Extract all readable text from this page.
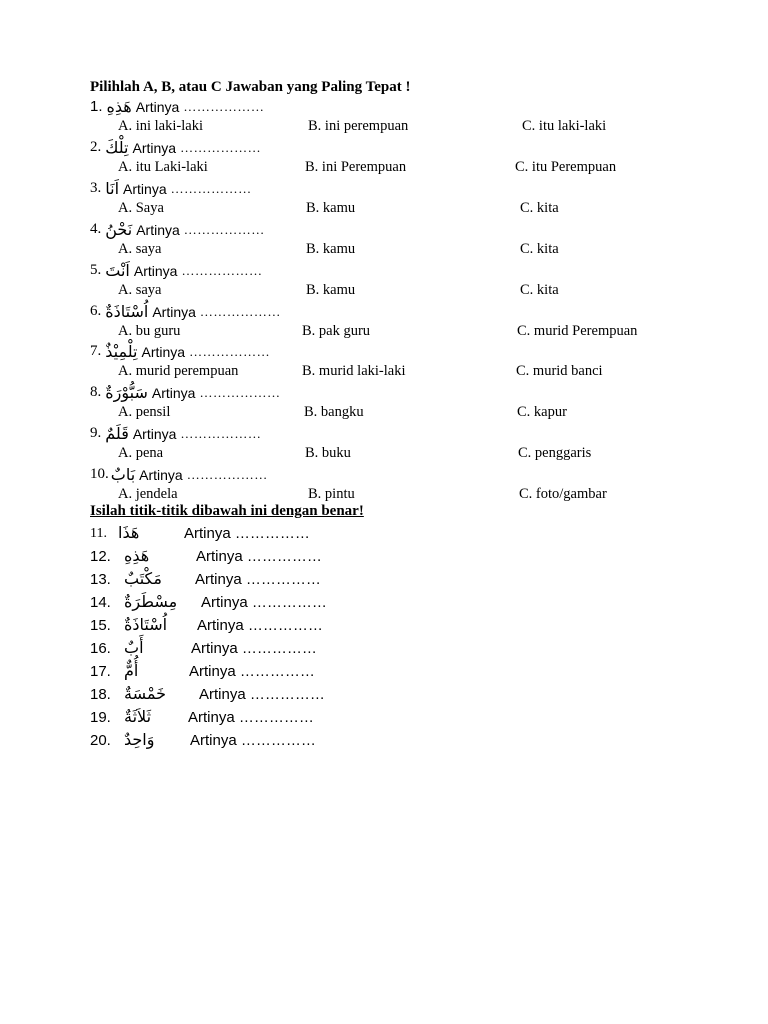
Pilihlah A, B, atau C Jawaban yang Paling Tepat !
1. هَذِهِ Artinya ………………
A. ini laki-laki	B. ini perempuan	C. itu laki-laki
2. تِلْكَ Artinya ………………
A. itu Laki-laki	B. ini Perempuan	C. itu Perempuan
3. اَنَا Artinya ………………
A. Saya	B. kamu	C. kita
4. نَحْنُ Artinya ………………
A. saya	B. kamu	C. kita
5. اَنْتَ Artinya ………………
A. saya	B. kamu	C. kita
6. اُسْتَاذَةٌ Artinya ………………
A. bu guru	B. pak guru	C. murid Perempuan
7. تِلْمِيْذٌ Artinya ………………
A. murid perempuan	B. murid laki-laki	C. murid banci
8. سَبُّوْرَةٌ Artinya ………………
A. pensil	B. bangku	C. kapur
9. قَلَمٌ Artinya ………………
A. pena	B. buku	C. penggaris
10. بَابٌ Artinya ………………
A. jendela	B. pintu	C. foto/gambar
Isilah titik-titik dibawah ini dengan benar!
11. هَذَا	Artinya ……………
12. هَذِهِ	Artinya ……………
13. مَكْتَبٌ Artinya ……………
14. مِسْطَرَةٌ Artinya ……………
15. اُسْتَاذَةٌ Artinya ……………
16. أَبٌ	Artinya ……………
17. أُمٌّ	Artinya ……………
18. خَمْسَةٌ Artinya ……………
19. ثَلاَثَةٌ Artinya ……………
20. وَاحِدٌ Artinya ……………
